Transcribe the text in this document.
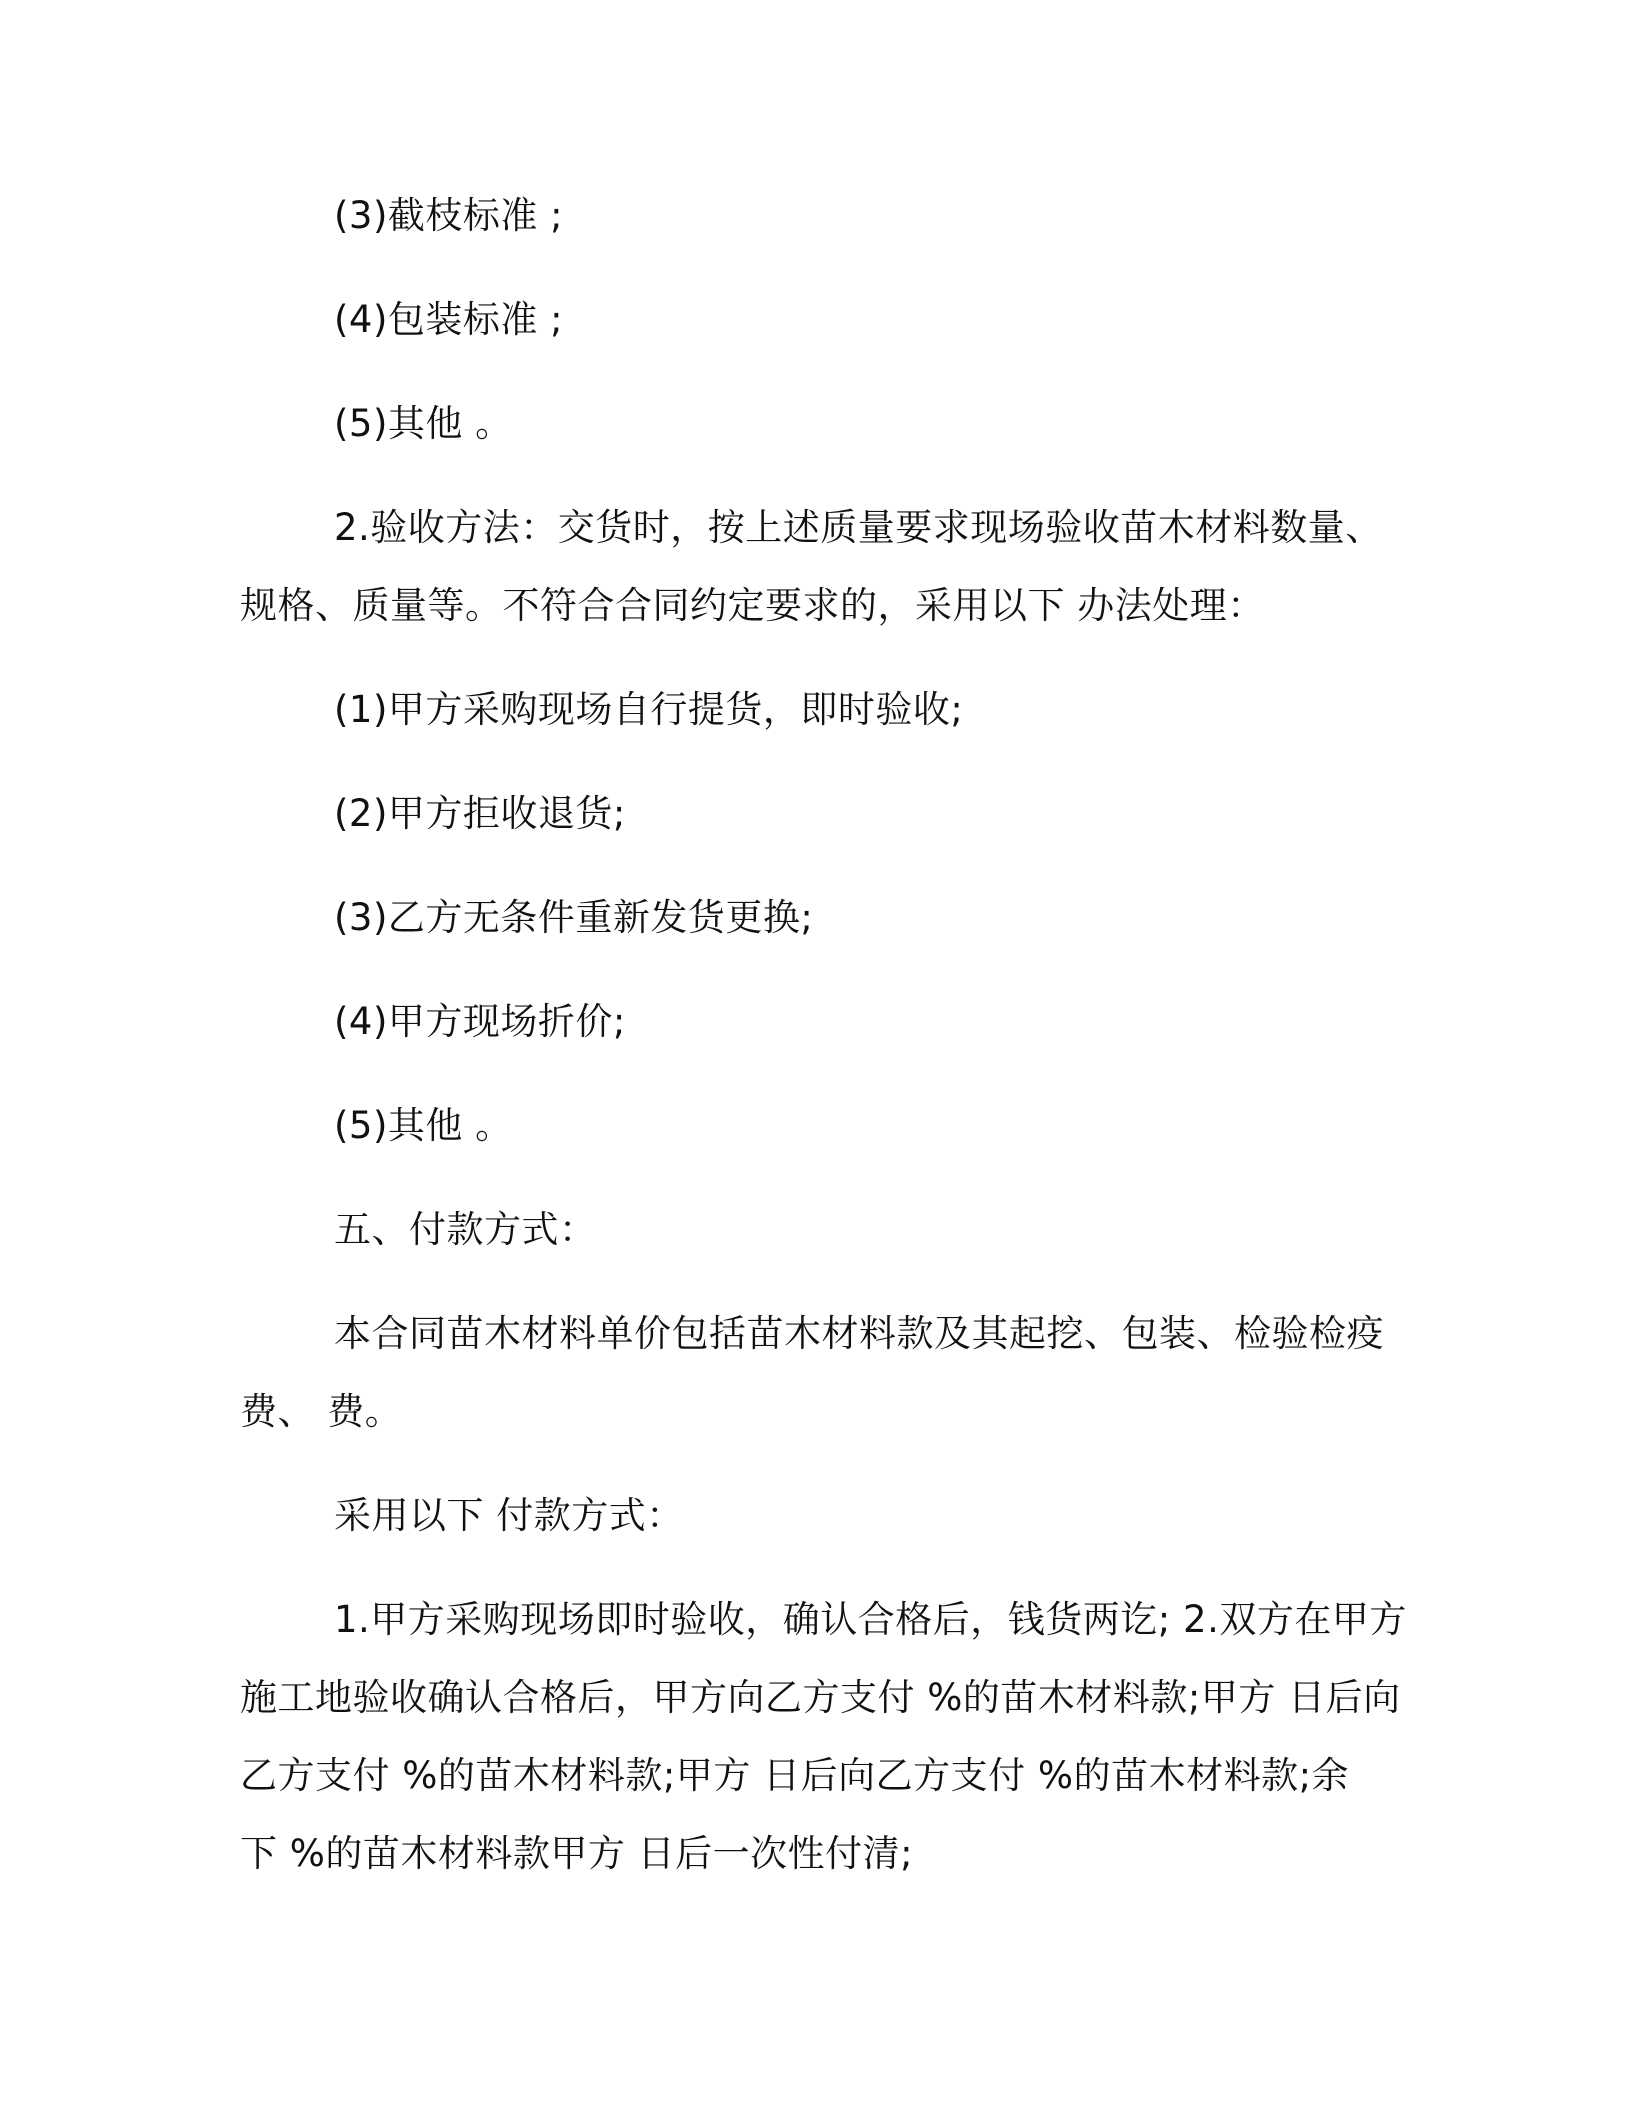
(3)截枝标准 ;
(4)包装标准 ;
(5)其他 。
2.验收方法：交货时，按上述质量要求现场验收苗木材料数量、
规格、质量等。不符合合同约定要求的，采用以下 办法处理：
(1)甲方采购现场自行提货，即时验收;
(2)甲方拒收退货;
(3)乙方无条件重新发货更换;
(4)甲方现场折价;
(5)其他 。
五、付款方式：
本合同苗木材料单价包括苗木材料款及其起挖、包装、检验检疫
费、 费。
采用以下 付款方式：
1.甲方采购现场即时验收，确认合格后，钱货两讫; 2.双方在甲方
施工地验收确认合格后，甲方向乙方支付 %的苗木材料款;甲方 日后向
乙方支付 %的苗木材料款;甲方 日后向乙方支付 %的苗木材料款;余
下 %的苗木材料款甲方 日后一次性付清;
